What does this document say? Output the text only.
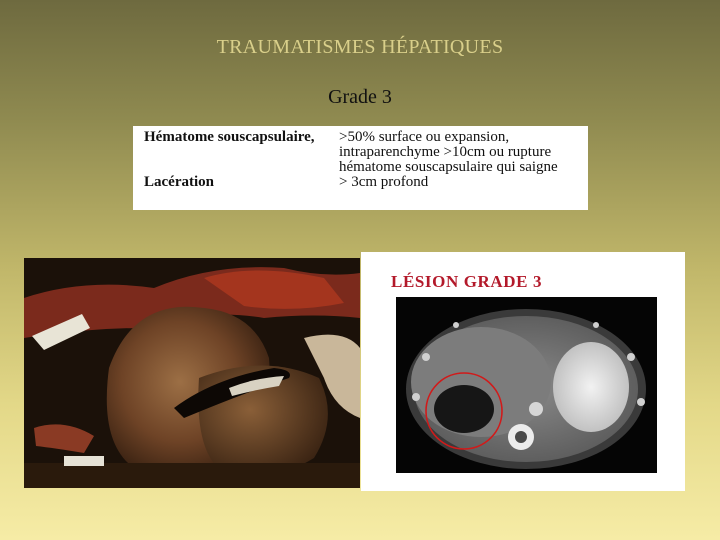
TRAUMATISMES HÉPATIQUES
Grade 3
Hématome souscapsulaire,	>50% surface ou expansion,
intraparenchyme >10cm ou rupture
hématome souscapsulaire qui saigne
Lacération	> 3cm profond
LÉSION GRADE 3
